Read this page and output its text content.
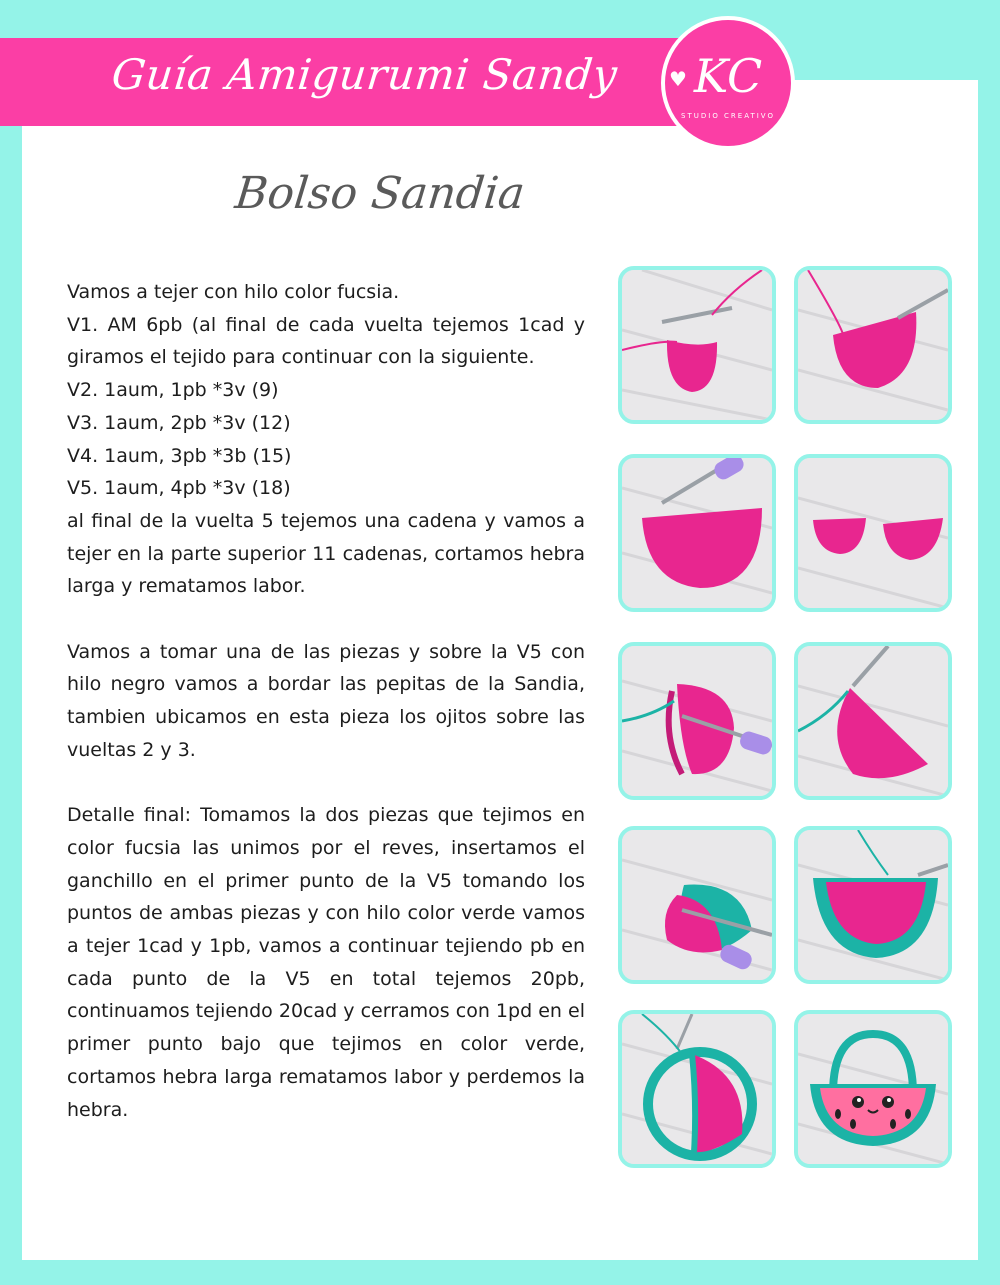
Guía Amigurumi Sandy ♥ KC
STUDIO CREATIVO
Bolso Sandia

Vamos a tejer con hilo color fucsia.

V1. AM 6pb (al final de cada vuelta tejemos 1cad y giramos el tejido para continuar con la siguiente.

V2. 1aum, 1pb *3v (9)

V3. 1aum, 2pb *3v (12)

V4. 1aum, 3pb *3b (15)

V5. 1aum, 4pb *3v (18)

al final de la vuelta 5 tejemos una cadena y vamos a tejer en la parte superior 11 cadenas, cortamos hebra larga y rematamos labor.

Vamos a tomar una de las piezas y sobre la V5 con hilo negro vamos a bordar las pepitas de la Sandia, tambien ubicamos en esta pieza los ojitos sobre las vueltas 2 y 3.

Detalle final: Tomamos la dos piezas que tejimos en color fucsia las unimos por el reves, insertamos el ganchillo en el primer punto de la V5 tomando los puntos de ambas piezas y con hilo color verde vamos a tejer 1cad y 1pb, vamos a continuar tejiendo pb en cada punto de la V5 en total tejemos 20pb, continuamos tejiendo 20cad y cerramos con 1pd en el primer punto bajo que tejimos en color verde, cortamos hebra larga rematamos labor y perdemos la hebra.
